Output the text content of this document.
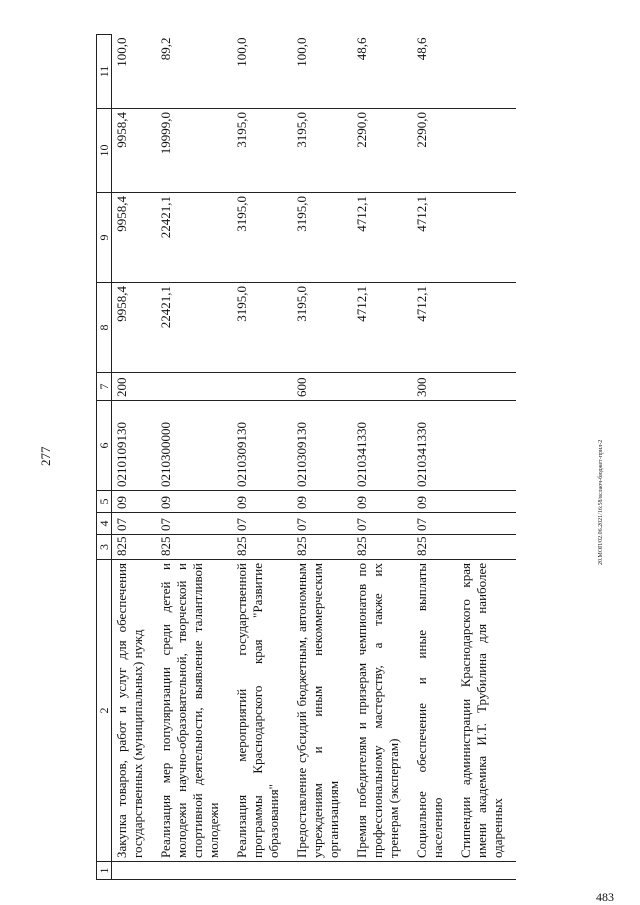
277
1	2	3	4	5	6	7	8	9	10	11
	Закупка товаров, работ и услуг для обеспечения государственных (муниципальных) нужд	825	07	09	0210109130	200	9958,4	9958,4	9958,4	100,0
	Реализация мер популяризации среди детей и молодежи научно-образовательной, творческой и спортивной деятельности, выявление талантливой молодежи	825	07	09	0210300000		22421,1	22421,1	19999,0	89,2
	Реализация мероприятий государственной программы Краснодарского края "Развитие образования"	825	07	09	0210309130		3195,0	3195,0	3195,0	100,0
	Предоставление субсидий бюджетным, автономным учреждениям и иным некоммерческим организациям	825	07	09	0210309130	600	3195,0	3195,0	3195,0	100,0
	Премия победителям и призерам чемпионатов по профессиональному мастерству, а также их тренерам (экспертам)	825	07	09	0210341330		4712,1	4712,1	2290,0	48,6
	Социальное обеспечение и иные выплаты населению	825	07	09	0210341330	300	4712,1	4712,1	2290,0	48,6
	Стипендии администрации Краснодарского края имени академика И.Т. Трубилина для наиболее одаренных									
20.МОП/02.06.2021/16:58/вслаоч-бюджет-прил-2
483
